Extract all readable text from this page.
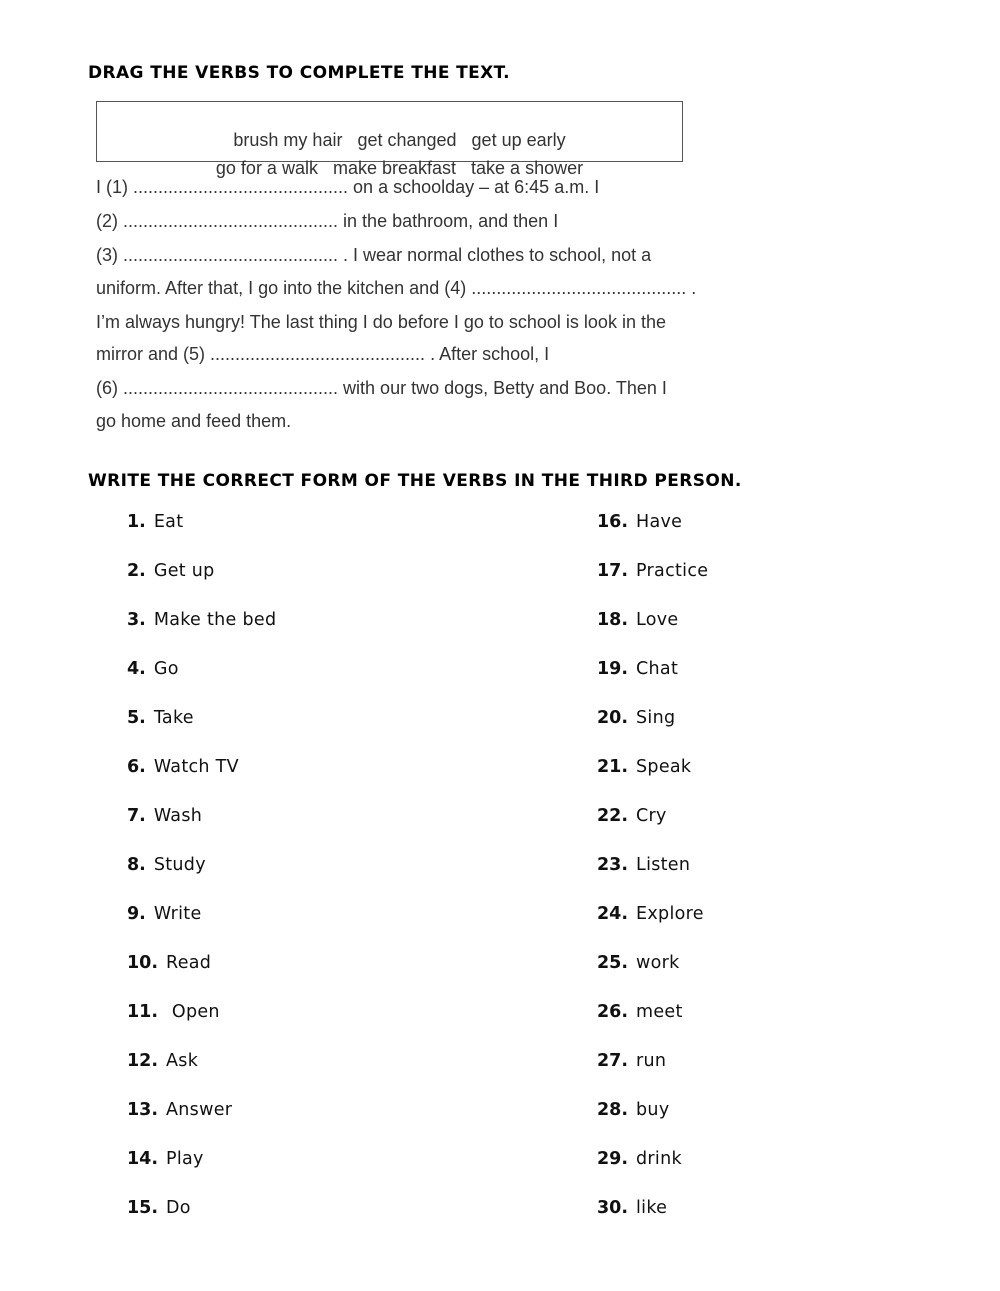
DRAG THE VERBS TO COMPLETE THE TEXT.

brush my hair get changed get up early

go for a walk make breakfast take a shower

I (1) ........................................... on a schoolday – at 6:45 a.m. I

(2) ........................................... in the bathroom, and then I

(3) ........................................... . I wear normal clothes to school, not a

uniform. After that, I go into the kitchen and (4) ........................................... .

I’m always hungry! The last thing I do before I go to school is look in the

mirror and (5) ........................................... . After school, I

(6) ........................................... with our two dogs, Betty and Boo. Then I

go home and feed them.

WRITE THE CORRECT FORM OF THE VERBS IN THE THIRD PERSON.
1. Eat
2. Get up
3. Make the bed
4. Go
5. Take
6. Watch TV
7. Wash
8. Study
9. Write
10. Read
11. Open
12. Ask
13. Answer
14. Play
15. Do
16. Have
17. Practice
18. Love
19. Chat
20. Sing
21. Speak
22. Cry
23. Listen
24. Explore
25. work
26. meet
27. run
28. buy
29. drink
30. like
